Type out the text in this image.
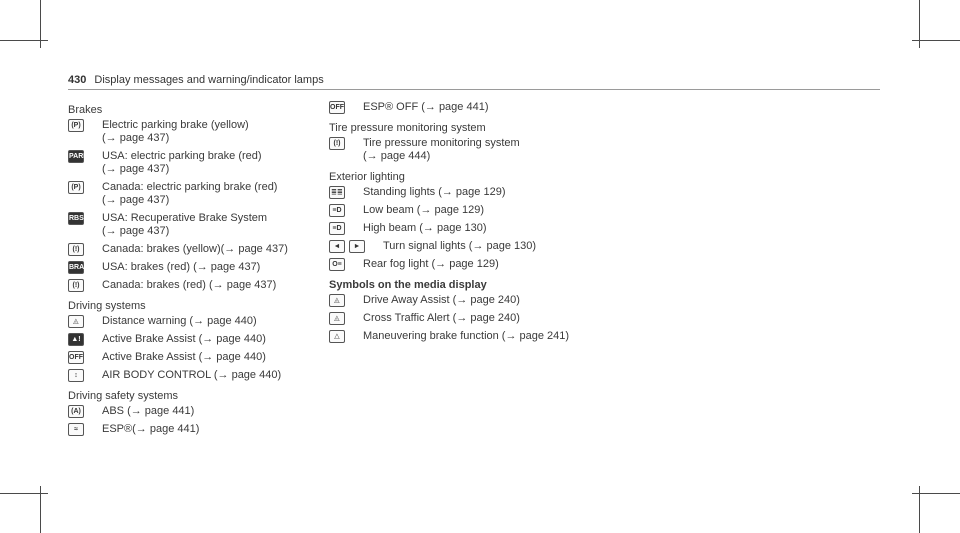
430 Display messages and warning/indicator lamps
Brakes
(P)	Electric parking brake (yellow)
(→ page 437)
PARK USA: electric parking brake (red)
(→ page 437)
(P)	Canada: electric parking brake (red)
(→ page 437)
RBS USA: Recuperative Brake System
(→ page 437)
(!)	Canada: brakes (yellow)(→ page 437)
BRAKE USA: brakes (red) (→ page 437)
(!)	Canada: brakes (red) (→ page 437)
Driving systems
◬	Distance warning (→ page 440)
▲!	Active Brake Assist (→ page 440)
OFF Active Brake Assist (→ page 440)
↕	AIR BODY CONTROL (→ page 440)
Driving safety systems
(A) ABS (→ page 441)
≈	ESP®(→ page 441)
OFF ESP® OFF (→ page 441)
Tire pressure monitoring system
(!)	Tire pressure monitoring system
(→ page 444)
Exterior lighting
≣≣ Standing lights (→ page 129)
≡D	Low beam (→ page 129)
≡D	High beam (→ page 130)
◄	►	Turn signal lights (→ page 130)
O≡ Rear fog light (→ page 129)
Symbols on the media display
◬	Drive Away Assist (→ page 240)
◬	Cross Traffic Alert (→ page 240)
△	Maneuvering brake function (→ page 241)
